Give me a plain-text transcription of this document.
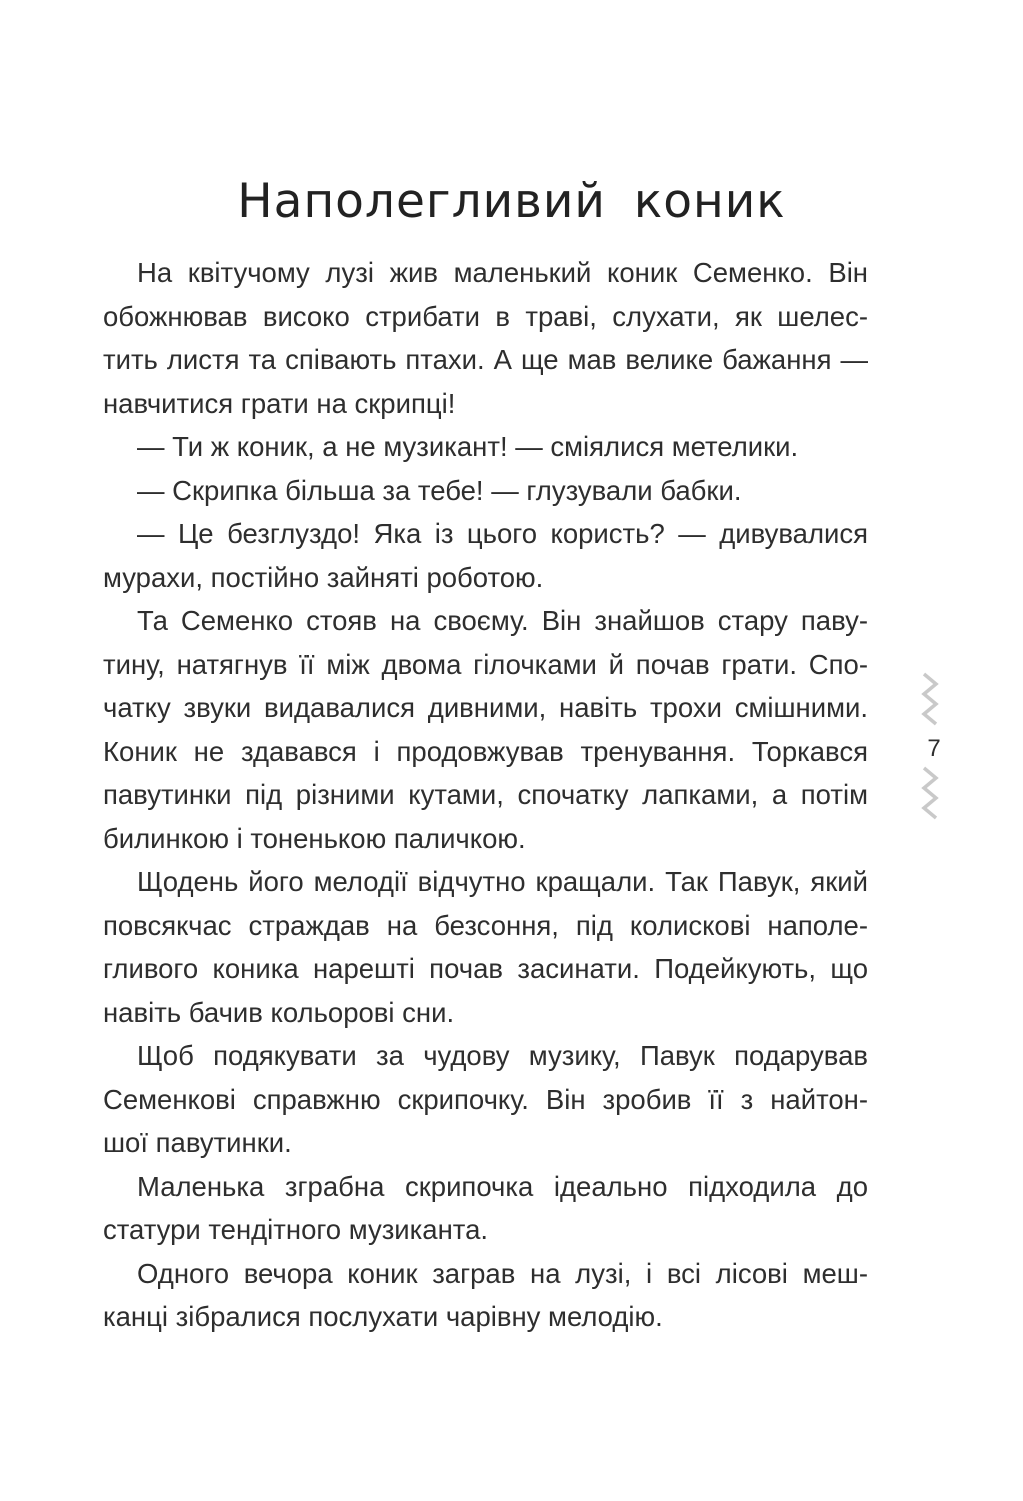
Наполегливий коник
На квітучому лузі жив маленький коник Семенко. Він
обожнював високо стрибати в траві, слухати, як шелес-
тить листя та співають птахи. А ще мав велике бажання —
навчитися грати на скрипці!
— Ти ж коник, а не музикант! — сміялися метелики.
— Скрипка більша за тебе! — глузували бабки.
— Це безглуздо! Яка із цього користь? — дивувалися
мурахи, постійно зайняті роботою.
Та Семенко стояв на своєму. Він знайшов стару паву-
тину, натягнув її між двома гілочками й почав грати. Спо-
чатку звуки видавалися дивними, навіть трохи смішними.
Коник не здавався і продовжував тренування. Торкався
павутинки під різними кутами, спочатку лапками, а потім
билинкою і тоненькою паличкою.
Щодень його мелодії відчутно кращали. Так Павук, який
повсякчас страждав на безсоння, під колискові наполе-
гливого коника нарешті почав засинати. Подейкують, що
навіть бачив кольорові сни.
Щоб подякувати за чудову музику, Павук подарував
Семенкові справжню скрипочку. Він зробив її з найтон-
шої павутинки.
Маленька зграбна скрипочка ідеально підходила до
статури тендітного музиканта.
Одного вечора коник заграв на лузі, і всі лісові меш-
канці зібралися послухати чарівну мелодію.
7
